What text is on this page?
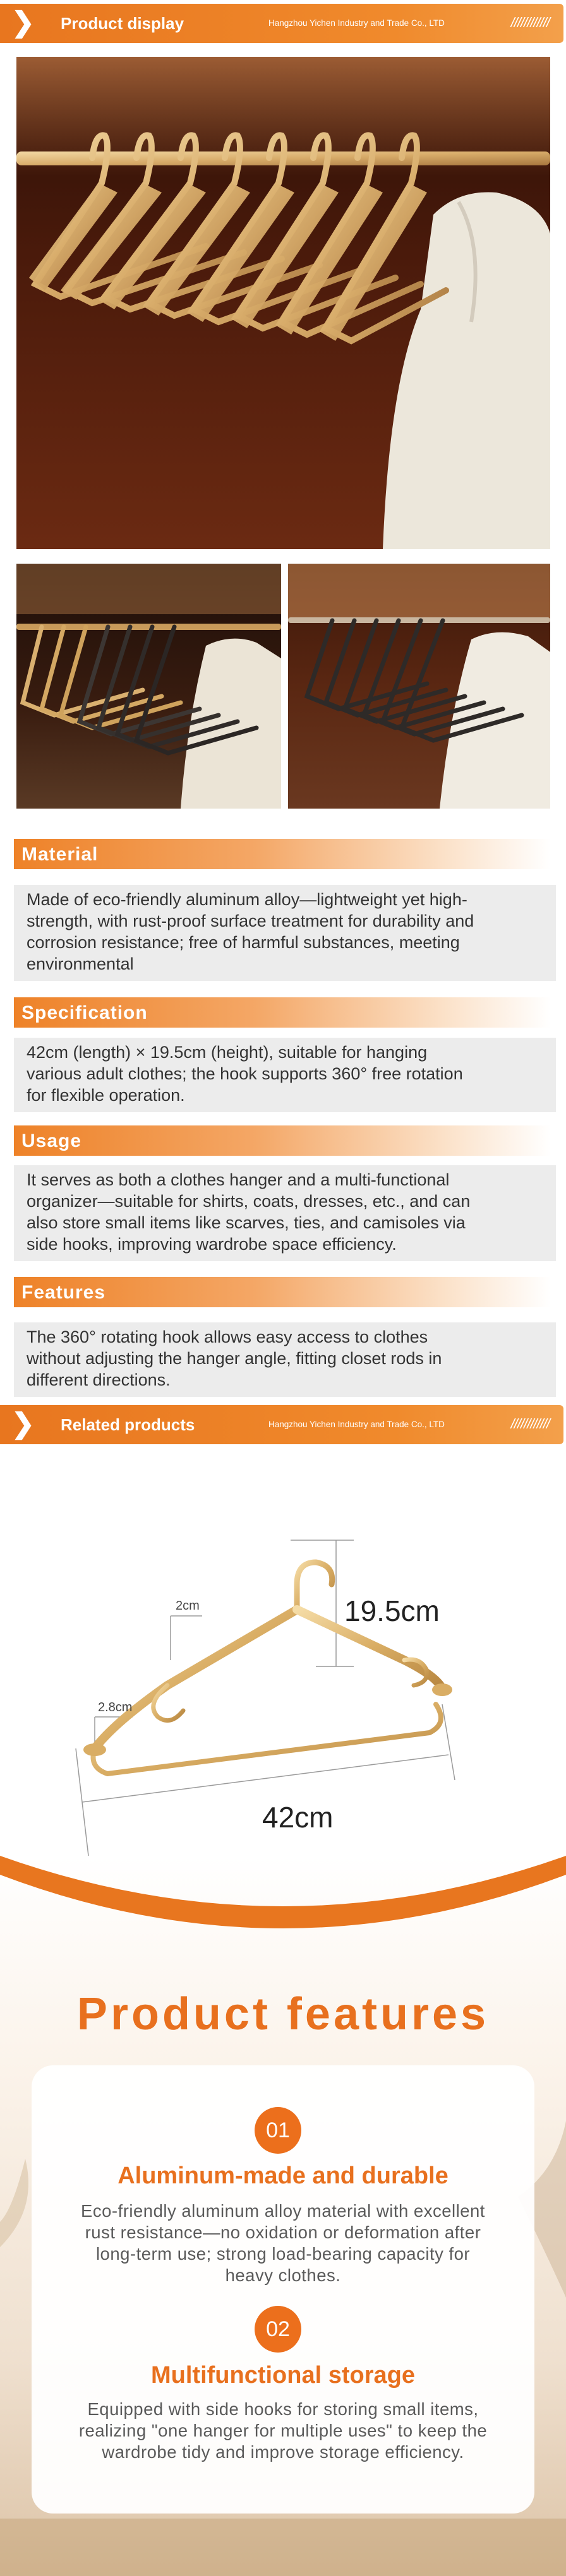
❯ Product display	Hangzhou Yichen Industry and Trade Co., LTD	////////////
Material
Made of eco-friendly aluminum alloy—lightweight yet high-
strength, with rust-proof surface treatment for durability and
corrosion resistance; free of harmful substances, meeting
environmental
Specification
42cm (length) × 19.5cm (height), suitable for hanging
various adult clothes; the hook supports 360° free rotation
for flexible operation.
Usage
It serves as both a clothes hanger and a multi-functional
organizer—suitable for shirts, coats, dresses, etc., and can
also store small items like scarves, ties, and camisoles via
side hooks, improving wardrobe space efficiency.
Features
The 360° rotating hook allows easy access to clothes
without adjusting the hanger angle, fitting closet rods in
different directions.
❯ Related products	Hangzhou Yichen Industry and Trade Co., LTD	////////////
19.5cm
42cm
2cm
2.8cm
Product features
01
Aluminum-made and durable
Eco-friendly aluminum alloy material with excellent
rust resistance—no oxidation or deformation after
long-term use; strong load-bearing capacity for
heavy clothes.
02
Multifunctional storage
Equipped with side hooks for storing small items,
realizing "one hanger for multiple uses" to keep the
wardrobe tidy and improve storage efficiency.
